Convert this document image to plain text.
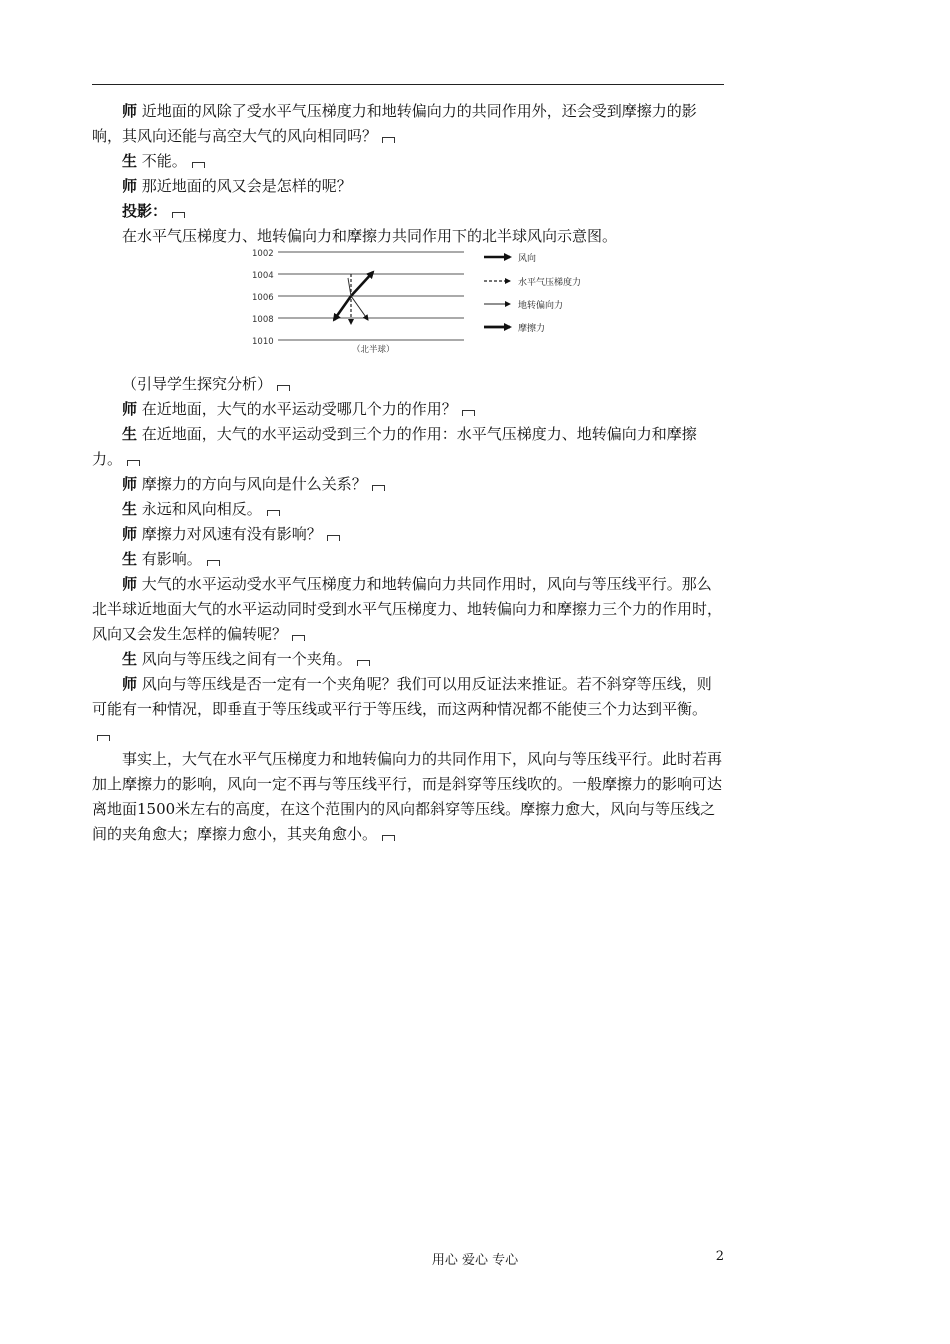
师 近地面的风除了受水平气压梯度力和地转偏向力的共同作用外，还会受到摩擦力的影响，其风向还能与高空大气的风向相同吗？

生 不能。

师 那近地面的风又会是怎样的呢？

投影：

在水平气压梯度力、地转偏向力和摩擦力共同作用下的北半球风向示意图。

1002
1004
1006
1008
1010
（北半球）
风向
水平气压梯度力
地转偏向力
摩擦力

（引导学生探究分析）

师 在近地面，大气的水平运动受哪几个力的作用？

生 在近地面，大气的水平运动受到三个力的作用：水平气压梯度力、地转偏向力和摩擦力。

师 摩擦力的方向与风向是什么关系？

生 永远和风向相反。

师 摩擦力对风速有没有影响？

生 有影响。

师 大气的水平运动受水平气压梯度力和地转偏向力共同作用时，风向与等压线平行。那么北半球近地面大气的水平运动同时受到水平气压梯度力、地转偏向力和摩擦力三个力的作用时，风向又会发生怎样的偏转呢？

生 风向与等压线之间有一个夹角。

师 风向与等压线是否一定有一个夹角呢？我们可以用反证法来推证。若不斜穿等压线，则可能有一种情况，即垂直于等压线或平行于等压线，而这两种情况都不能使三个力达到平衡。

事实上，大气在水平气压梯度力和地转偏向力的共同作用下，风向与等压线平行。此时若再加上摩擦力的影响，风向一定不再与等压线平行，而是斜穿等压线吹的。一般摩擦力的影响可达离地面1500米左右的高度，在这个范围内的风向都斜穿等压线。摩擦力愈大，风向与等压线之间的夹角愈大；摩擦力愈小，其夹角愈小。

用心 爱心 专心	2
